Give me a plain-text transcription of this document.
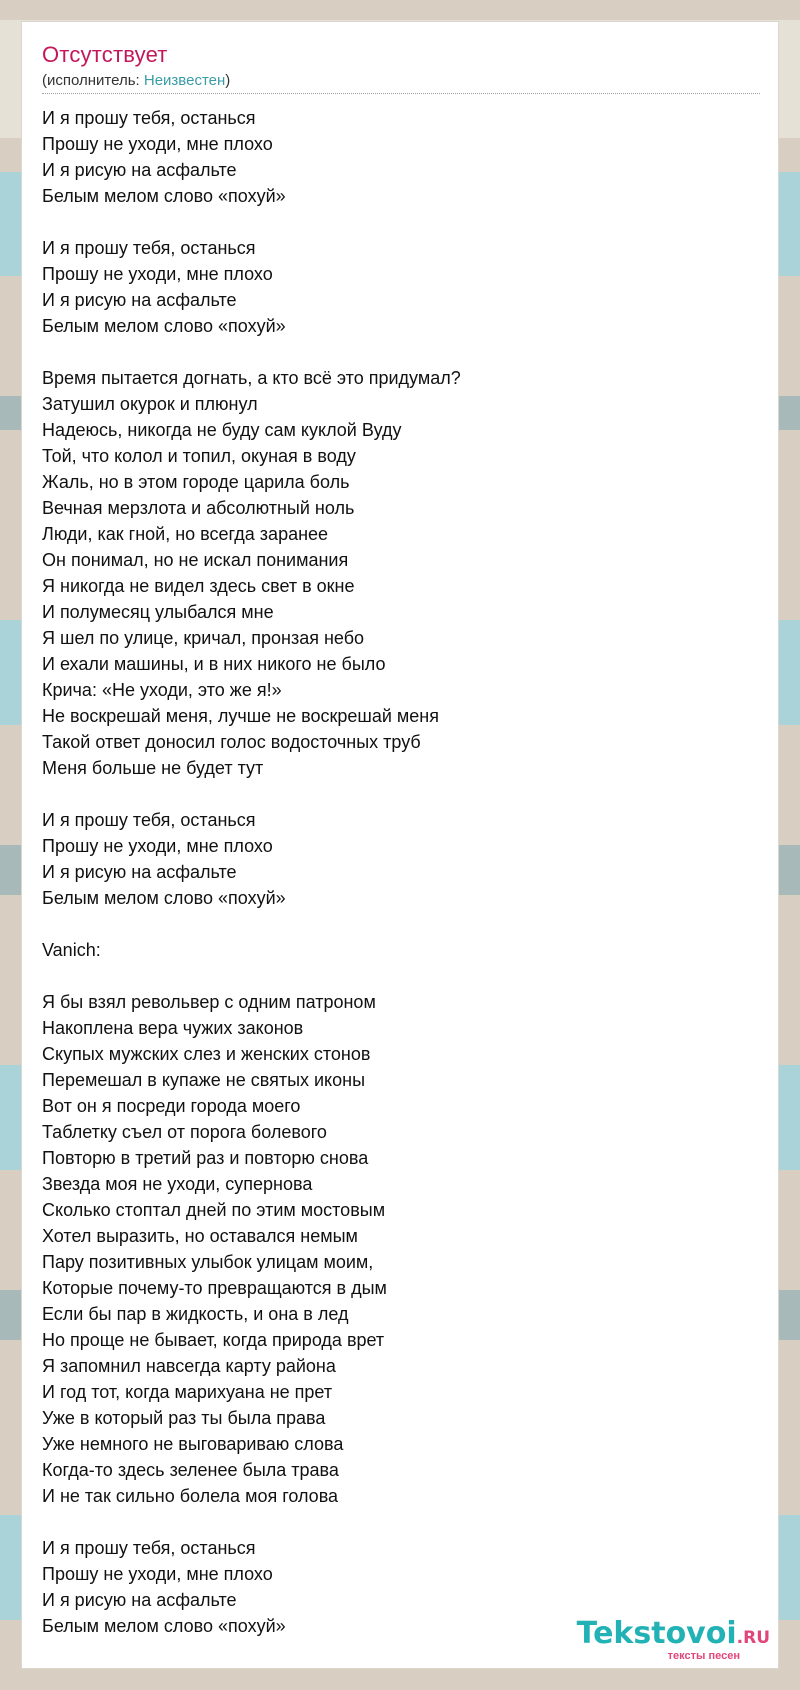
Отсутствует
(исполнитель: Неизвестен)
И я прошу тебя, останься
Прошу не уходи, мне плохо
И я рисую на асфальте
Белым мелом слово «похуй»

И я прошу тебя, останься
Прошу не уходи, мне плохо
И я рисую на асфальте
Белым мелом слово «похуй»

Время пытается догнать, а кто всё это придумал?
Затушил окурок и плюнул
Надеюсь, никогда не буду сам куклой Вуду
Той, что колол и топил, окуная в воду
Жаль, но в этом городе царила боль
Вечная мерзлота и абсолютный ноль
Люди, как гной, но всегда заранее
Он понимал, но не искал понимания
Я никогда не видел здесь свет в окне
И полумесяц улыбался мне
Я шел по улице, кричал, пронзая небо
И ехали машины, и в них никого не было
Крича: «Не уходи, это же я!»
Не воскрешай меня, лучше не воскрешай меня
Такой ответ доносил голос водосточных труб
Меня больше не будет тут

И я прошу тебя, останься
Прошу не уходи, мне плохо
И я рисую на асфальте
Белым мелом слово «похуй»

Vanich:

Я бы взял револьвер с одним патроном
Накоплена вера чужих законов
Скупых мужских слез и женских стонов
Перемешал в купаже не святых иконы
Вот он я посреди города моего
Таблетку съел от порога болевого
Повторю в третий раз и повторю снова
Звезда моя не уходи, супернова
Сколько стоптал дней по этим мостовым
Хотел выразить, но оставался немым
Пару позитивных улыбок улицам моим,
Которые почему-то превращаются в дым
Если бы пар в жидкость, и она в лед
Но проще не бывает, когда природа врет
Я запомнил навсегда карту района
И год тот, когда марихуана не прет
Уже в который раз ты была права
Уже немного не выговариваю слова
Когда-то здесь зеленее была трава
И не так сильно болела моя голова

И я прошу тебя, останься
Прошу не уходи, мне плохо
И я рисую на асфальте
Белым мелом слово «похуй»	Tekstovoi.RU
тексты песен
